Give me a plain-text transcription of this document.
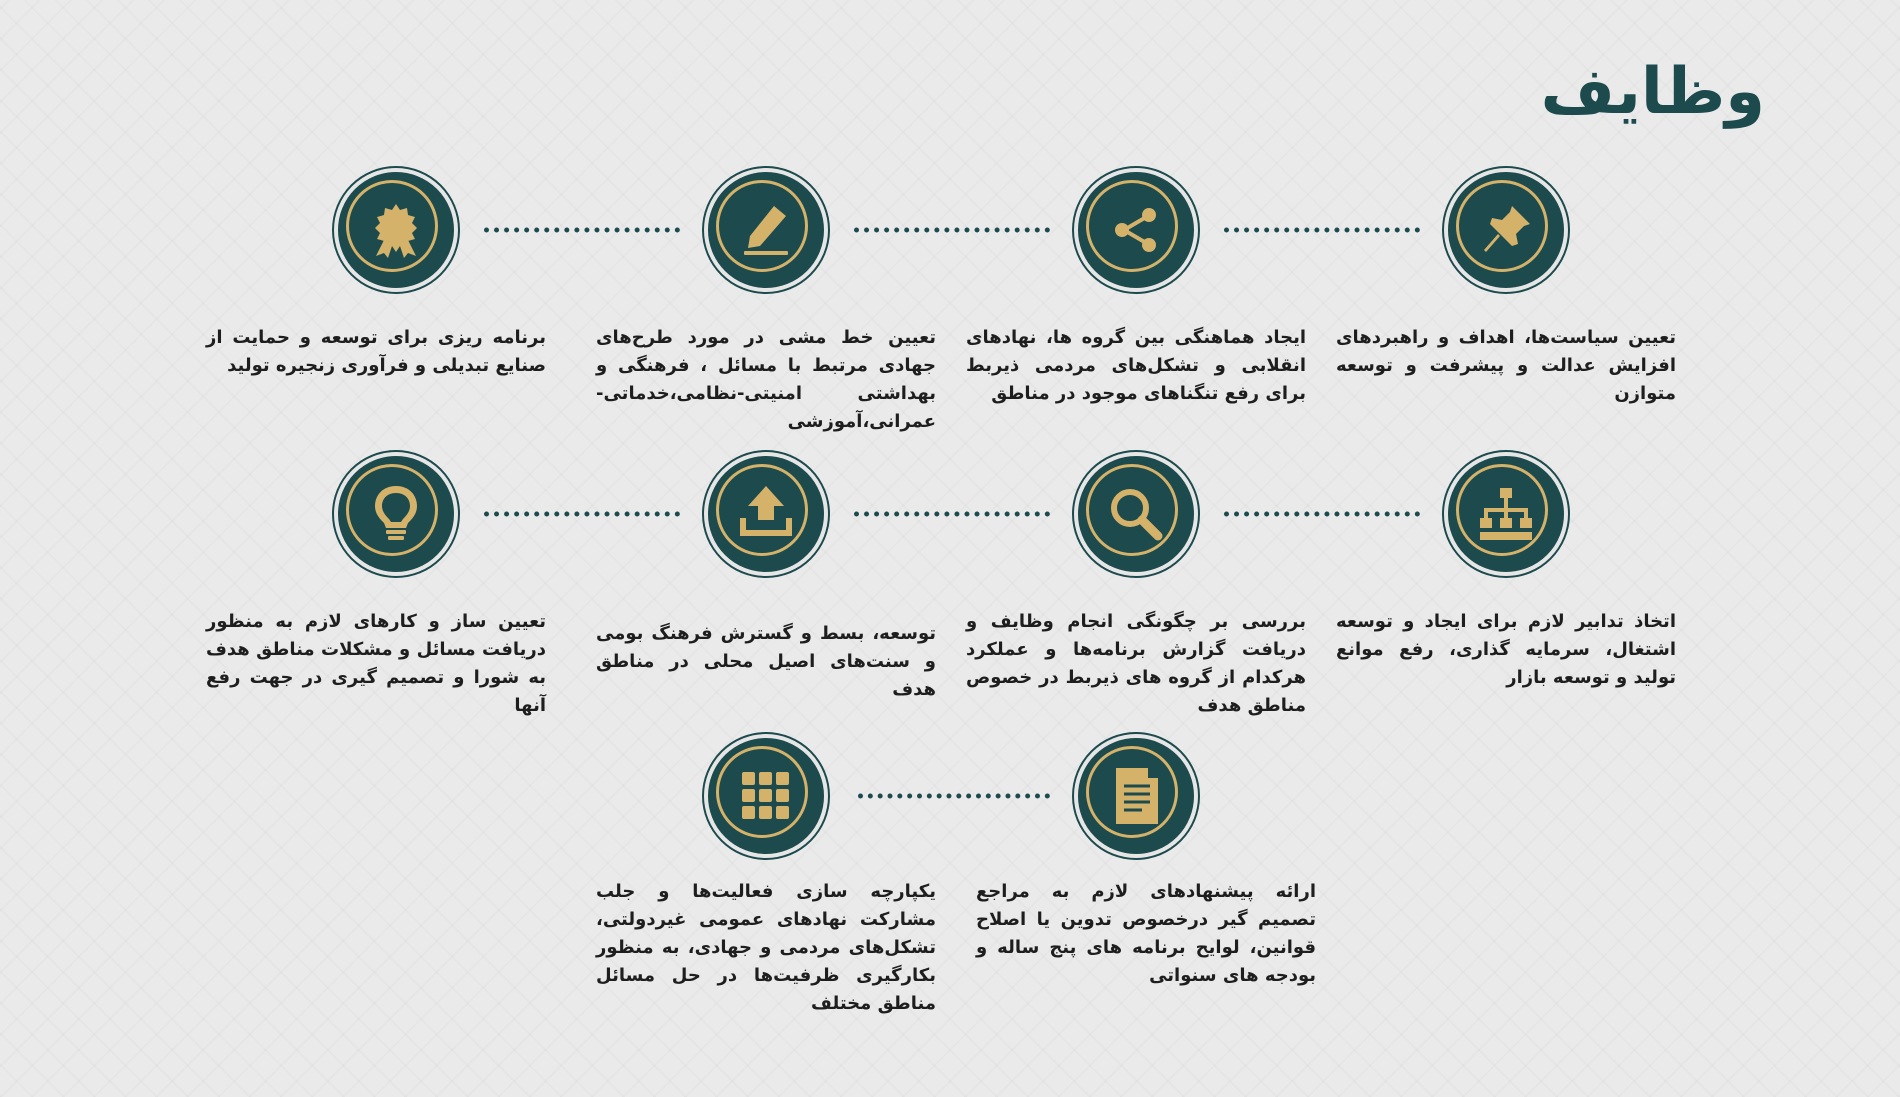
وظایف
تعیین سیاست‌ها، اهداف و راهبردهای افزایش عدالت و پیشرفت و توسعه متوازن
ایجاد هماهنگی بین گروه ها، نهادهای انقلابی و تشکل‌های مردمی ذیربط برای رفع تنگناهای موجود در مناطق
تعیین خط مشی در مورد طرح‌های جهادی مرتبط با مسائل ، فرهنگی و بهداشتی امنیتی-نظامی،خدماتی-عمرانی،آموزشی
برنامه ریزی برای توسعه و حمایت از صنایع تبدیلی و فرآوری زنجیره تولید
اتخاذ تدابیر لازم برای ایجاد و توسعه اشتغال، سرمایه گذاری، رفع موانع تولید و توسعه بازار
بررسی بر چگونگی انجام وظایف و دریافت گزارش برنامه‌ها و عملکرد هرکدام از گروه های ذیربط در خصوص مناطق هدف
توسعه، بسط و گسترش فرهنگ بومی و سنت‌های اصیل محلی در مناطق هدف
تعیین ساز و کارهای لازم به منظور دریافت مسائل و مشکلات مناطق هدف به شورا و تصمیم گیری در جهت رفع آنها
ارائه پیشنهادهای لازم به مراجع تصمیم گیر درخصوص تدوین یا اصلاح قوانین، لوایح برنامه های پنج ساله و بودجه های سنواتی
یکپارچه سازی فعالیت‌ها و جلب مشارکت نهادهای عمومی غیردولتی، تشکل‌های مردمی و جهادی، به منظور بکارگیری ظرفیت‌ها در حل مسائل مناطق مختلف
